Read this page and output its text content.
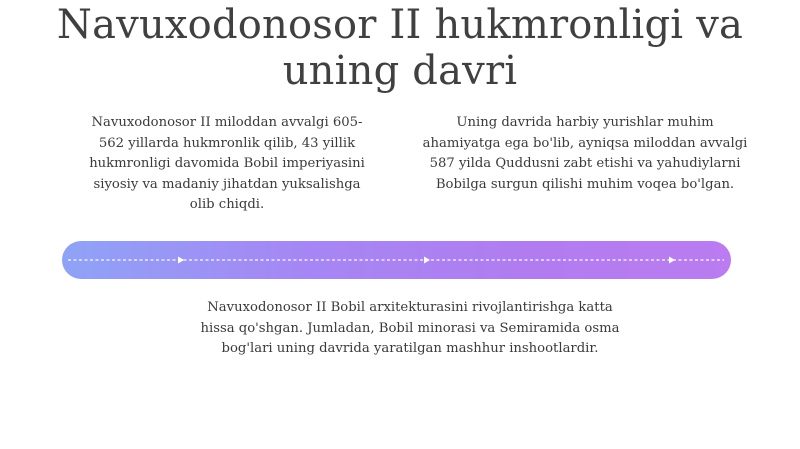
Navuxodonosor II hukmronligi va uning davri

Navuxodonosor II miloddan avvalgi 605-562 yillarda hukmronlik qilib, 43 yillik hukmronligi davomida Bobil imperiyasini siyosiy va madaniy jihatdan yuksalishga olib chiqdi.

Uning davrida harbiy yurishlar muhim ahamiyatga ega bo'lib, ayniqsa miloddan avvalgi 587 yilda Quddusni zabt etishi va yahudiylarni Bobilga surgun qilishi muhim voqea bo'lgan.

Navuxodonosor II Bobil arxitekturasini rivojlantirishga katta hissa qo'shgan. Jumladan, Bobil minorasi va Semiramida osma bog'lari uning davrida yaratilgan mashhur inshootlardir.
